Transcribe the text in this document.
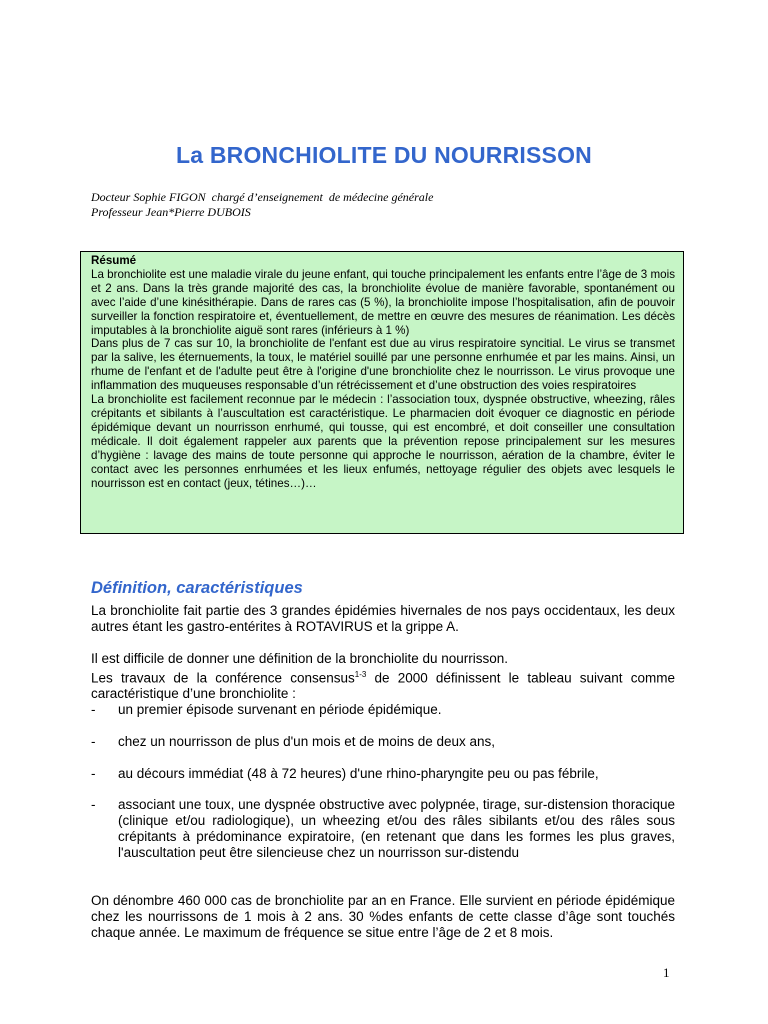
La BRONCHIOLITE DU NOURRISSON
Docteur Sophie FIGON  chargé d’enseignement  de médecine générale
Professeur Jean*Pierre DUBOIS
Résumé

La bronchiolite est une maladie virale du jeune enfant, qui touche principalement les enfants entre l’âge de 3 mois et 2 ans. Dans la très grande majorité des cas, la bronchiolite évolue de manière favorable, spontanément ou avec l’aide d’une kinésithérapie. Dans de rares cas (5 %), la bronchiolite impose l’hospitalisation, afin de pouvoir surveiller la fonction respiratoire et, éventuellement, de mettre en œuvre des mesures de réanimation. Les décès imputables à la bronchiolite aiguë sont rares (inférieurs à 1 %)

Dans plus de 7 cas sur 10, la bronchiolite de l'enfant est due au virus respiratoire syncitial. Le virus se transmet par la salive, les éternuements, la toux, le matériel souillé par une personne enrhumée et par les mains. Ainsi, un rhume de l'enfant et de l'adulte peut être à l'origine d'une bronchiolite chez le nourrisson. Le virus provoque une inflammation des muqueuses responsable d’un rétrécissement et d’une obstruction des voies respiratoires

La bronchiolite est facilement reconnue par le médecin : l’association toux, dyspnée obstructive, wheezing, râles crépitants et sibilants à l’auscultation est caractéristique. Le pharmacien doit évoquer ce diagnostic en période épidémique devant un nourrisson enrhumé, qui tousse, qui est encombré, et doit conseiller une consultation médicale. Il doit également rappeler aux parents que la prévention repose principalement sur les mesures d’hygiène : lavage des mains de toute personne qui approche le nourrisson, aération de la chambre, éviter le contact avec les personnes enrhumées et les lieux enfumés, nettoyage régulier des objets avec lesquels le nourrisson est en contact (jeux, tétines…)…

Définition, caractéristiques

La bronchiolite fait partie des 3 grandes épidémies hivernales de nos pays occidentaux, les deux autres étant les gastro-entérites à ROTAVIRUS et la grippe A.

Il est difficile de donner une définition de la bronchiolite du nourrisson.

Les travaux de la conférence consensus$^{1-3}$ de 2000 définissent le tableau suivant comme caractéristique d’une bronchiolite :

- un premier épisode survenant en période épidémique.
- chez un nourrisson de plus d'un mois et de moins de deux ans,
- au décours immédiat (48 à 72 heures) d'une rhino-pharyngite peu ou pas fébrile,
- associant une toux, une dyspnée obstructive avec polypnée, tirage, sur-distension thoracique (clinique et/ou radiologique), un wheezing et/ou des râles sibilants et/ou des râles sous crépitants à prédominance expiratoire, (en retenant que dans les formes les plus graves, l'auscultation peut être silencieuse chez un nourrisson sur-distendu

On dénombre 460 000 cas de bronchiolite par an en France. Elle survient en période épidémique chez les nourrissons de 1 mois à 2 ans. 30 %des enfants de cette classe d’âge sont touchés chaque année. Le maximum de fréquence se situe entre l’âge de 2 et 8 mois.

1
